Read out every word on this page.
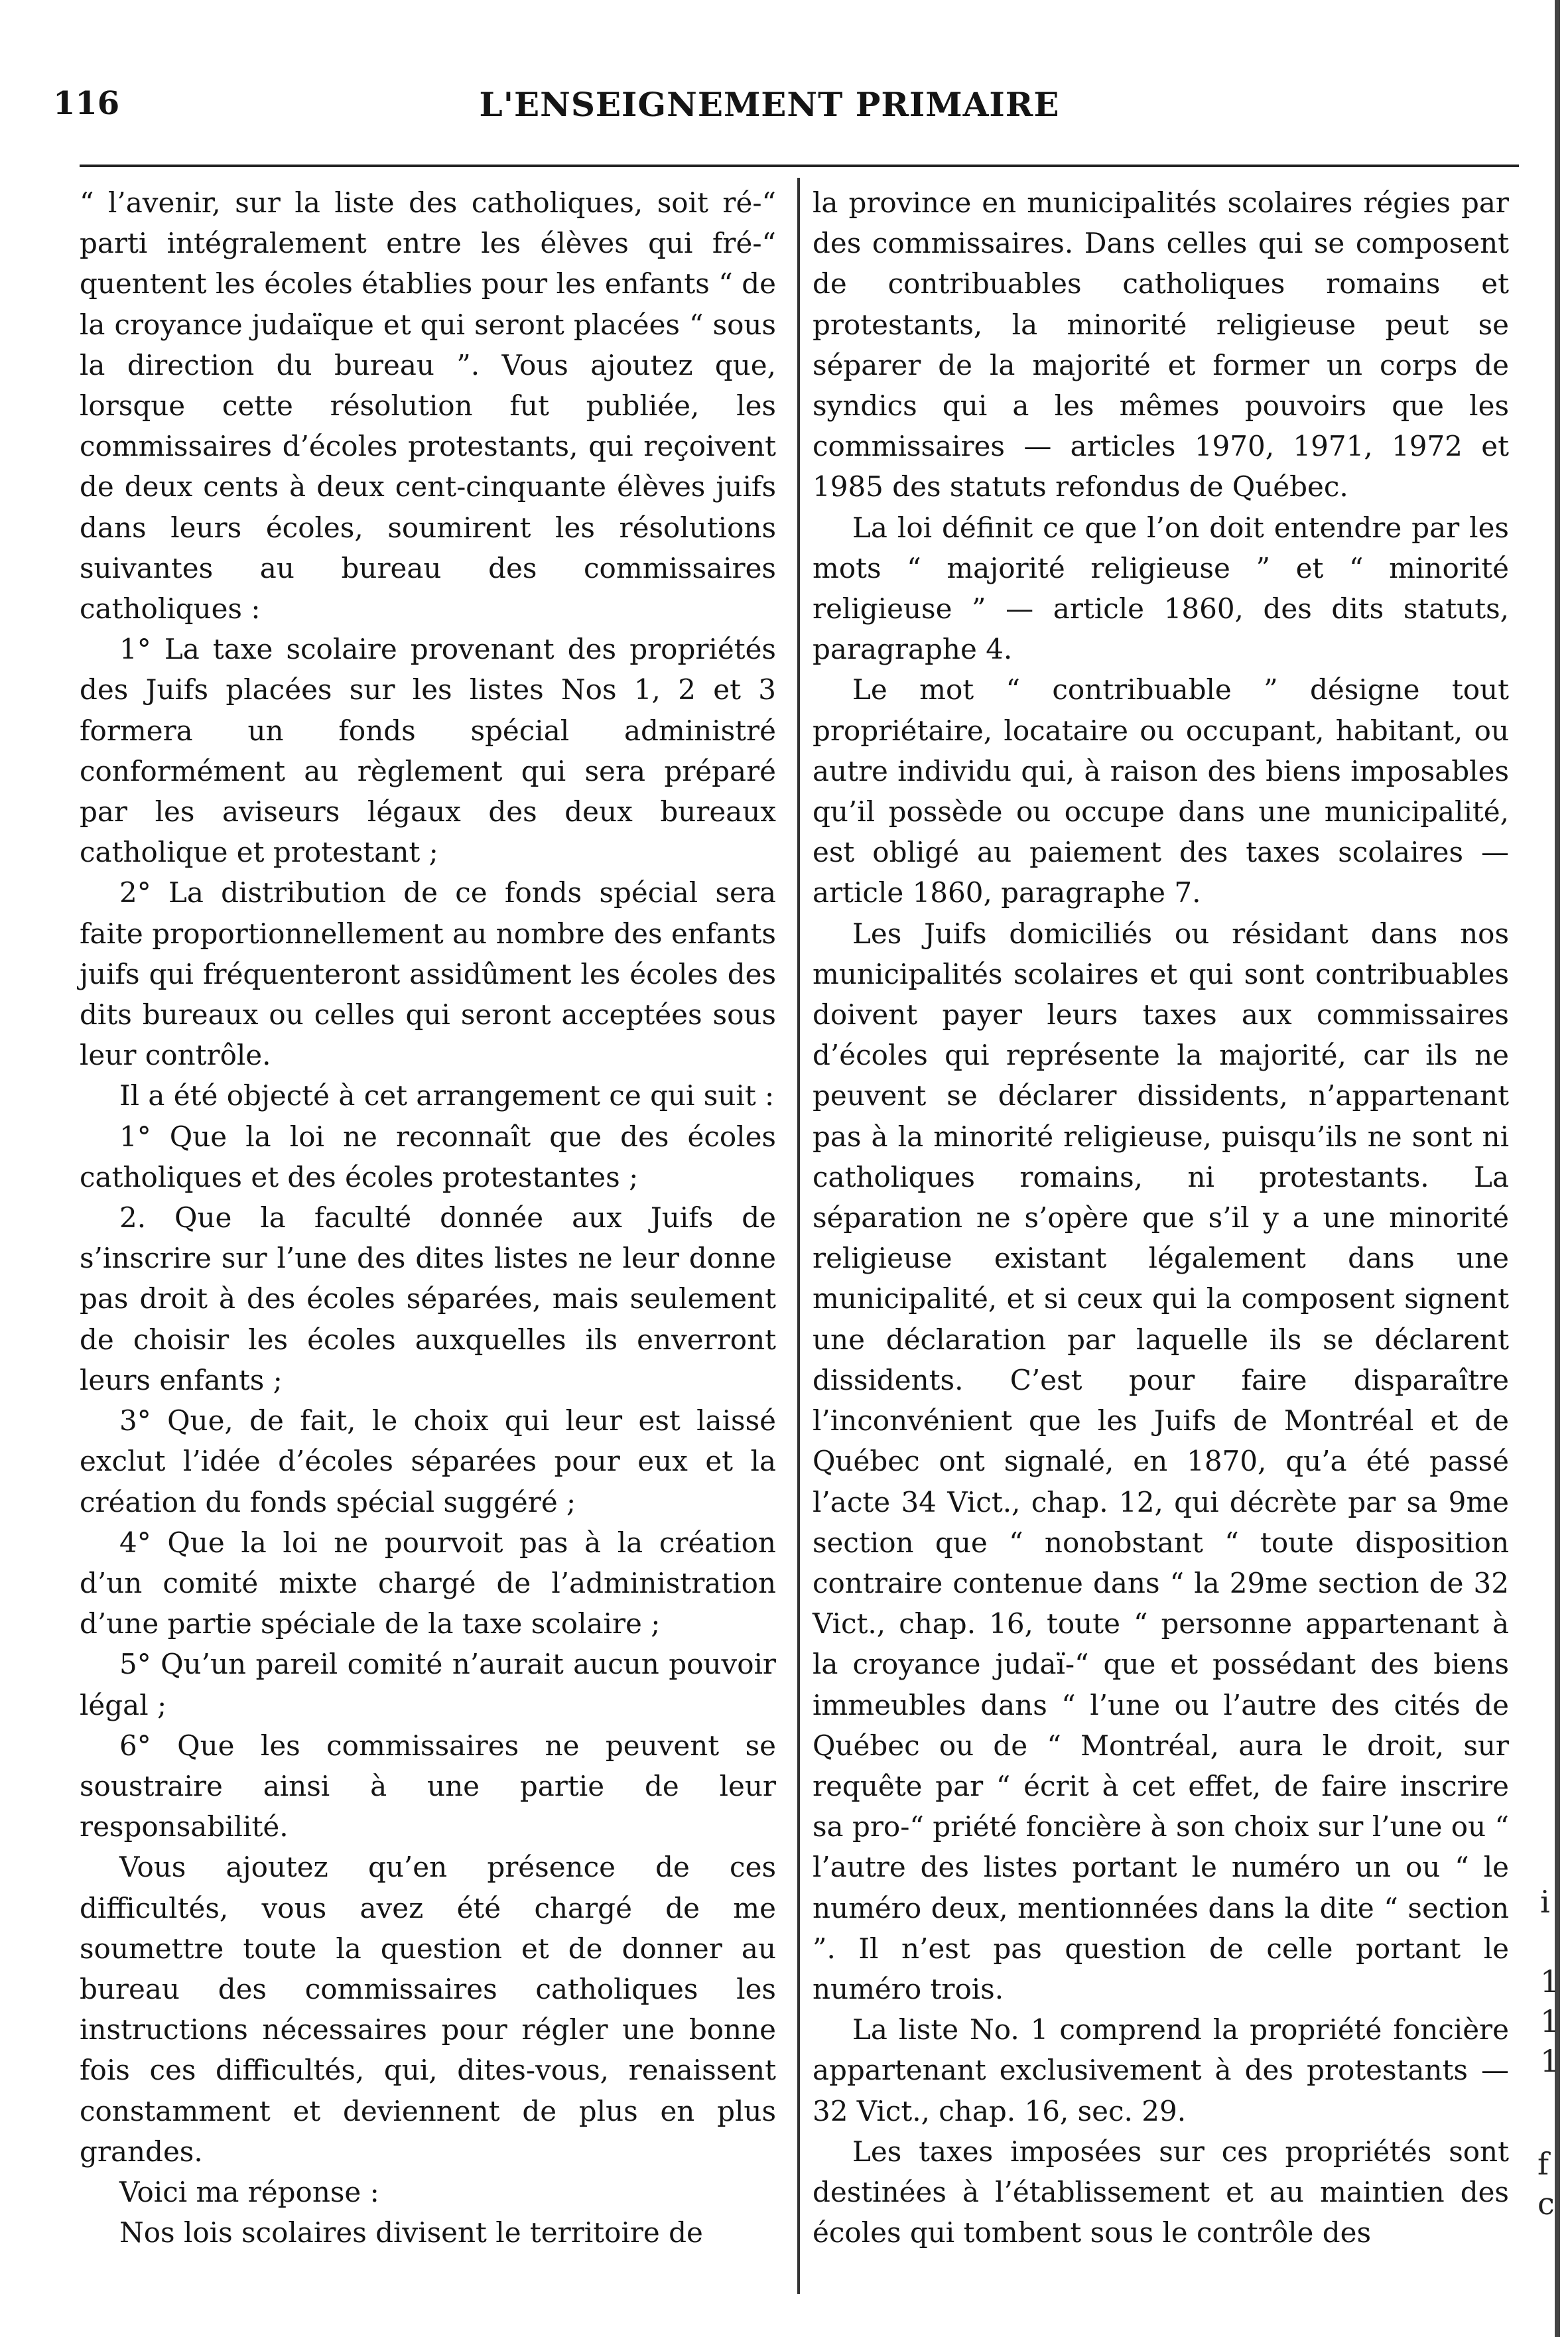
116	L'ENSEIGNEMENT PRIMAIRE

“ l’avenir, sur la liste des catholiques, soit ré-“ parti intégralement entre les élèves qui fré-“ quentent les écoles établies pour les enfants “ de la croyance judaïque et qui seront placées “ sous la direction du bureau ”. Vous ajoutez que, lorsque cette résolution fut publiée, les commissaires d’écoles protestants, qui reçoivent de deux cents à deux cent-cinquante élèves juifs dans leurs écoles, soumirent les résolutions suivantes au bureau des commissaires catholiques :

1° La taxe scolaire provenant des propriétés des Juifs placées sur les listes Nos 1, 2 et 3 formera un fonds spécial administré conformément au règlement qui sera préparé par les aviseurs légaux des deux bureaux catholique et protestant ;

2° La distribution de ce fonds spécial sera faite proportionnellement au nombre des enfants juifs qui fréquenteront assidûment les écoles des dits bureaux ou celles qui seront acceptées sous leur contrôle.

Il a été objecté à cet arrangement ce qui suit :

1° Que la loi ne reconnaît que des écoles catholiques et des écoles protestantes ;

2. Que la faculté donnée aux Juifs de s’inscrire sur l’une des dites listes ne leur donne pas droit à des écoles séparées, mais seulement de choisir les écoles auxquelles ils enverront leurs enfants ;

3° Que, de fait, le choix qui leur est laissé exclut l’idée d’écoles séparées pour eux et la création du fonds spécial suggéré ;

4° Que la loi ne pourvoit pas à la création d’un comité mixte chargé de l’administration d’une partie spéciale de la taxe scolaire ;

5° Qu’un pareil comité n’aurait aucun pouvoir légal ;

6° Que les commissaires ne peuvent se soustraire ainsi à une partie de leur responsabilité.

Vous ajoutez qu’en présence de ces difficultés, vous avez été chargé de me soumettre toute la question et de donner au bureau des commissaires catholiques les instructions nécessaires pour régler une bonne fois ces difficultés, qui, dites-vous, renaissent constamment et deviennent de plus en plus grandes.

Voici ma réponse :

Nos lois scolaires divisent le territoire de

la province en municipalités scolaires régies par des commissaires. Dans celles qui se composent de contribuables catholiques romains et protestants, la minorité religieuse peut se séparer de la majorité et former un corps de syndics qui a les mêmes pouvoirs que les commissaires — articles 1970, 1971, 1972 et 1985 des statuts refondus de Québec.

La loi définit ce que l’on doit entendre par les mots “ majorité religieuse ” et “ minorité religieuse ” — article 1860, des dits statuts, paragraphe 4.

Le mot “ contribuable ” désigne tout propriétaire, locataire ou occupant, habitant, ou autre individu qui, à raison des biens imposables qu’il possède ou occupe dans une municipalité, est obligé au paiement des taxes scolaires — article 1860, paragraphe 7.

Les Juifs domiciliés ou résidant dans nos municipalités scolaires et qui sont contribuables doivent payer leurs taxes aux commissaires d’écoles qui représente la majorité, car ils ne peuvent se déclarer dissidents, n’appartenant pas à la minorité religieuse, puisqu’ils ne sont ni catholiques romains, ni protestants. La séparation ne s’opère que s’il y a une minorité religieuse existant légalement dans une municipalité, et si ceux qui la composent signent une déclaration par laquelle ils se déclarent dissidents. C’est pour faire disparaître l’inconvénient que les Juifs de Montréal et de Québec ont signalé, en 1870, qu’a été passé l’acte 34 Vict., chap. 12, qui décrète par sa 9me section que “ nonobstant “ toute disposition contraire contenue dans “ la 29me section de 32 Vict., chap. 16, toute “ personne appartenant à la croyance judaï-“ que et possédant des biens immeubles dans “ l’une ou l’autre des cités de Québec ou de “ Montréal, aura le droit, sur requête par “ écrit à cet effet, de faire inscrire sa pro-“ priété foncière à son choix sur l’une ou “ l’autre des listes portant le numéro un ou “ le numéro deux, mentionnées dans la dite “ section ”. Il n’est pas question de celle portant le numéro trois.

La liste No. 1 comprend la propriété foncière appartenant exclusivement à des protestants — 32 Vict., chap. 16, sec. 29.

Les taxes imposées sur ces propriétés sont destinées à l’établissement et au maintien des écoles qui tombent sous le contrôle des

i
1
1
1
f
c
